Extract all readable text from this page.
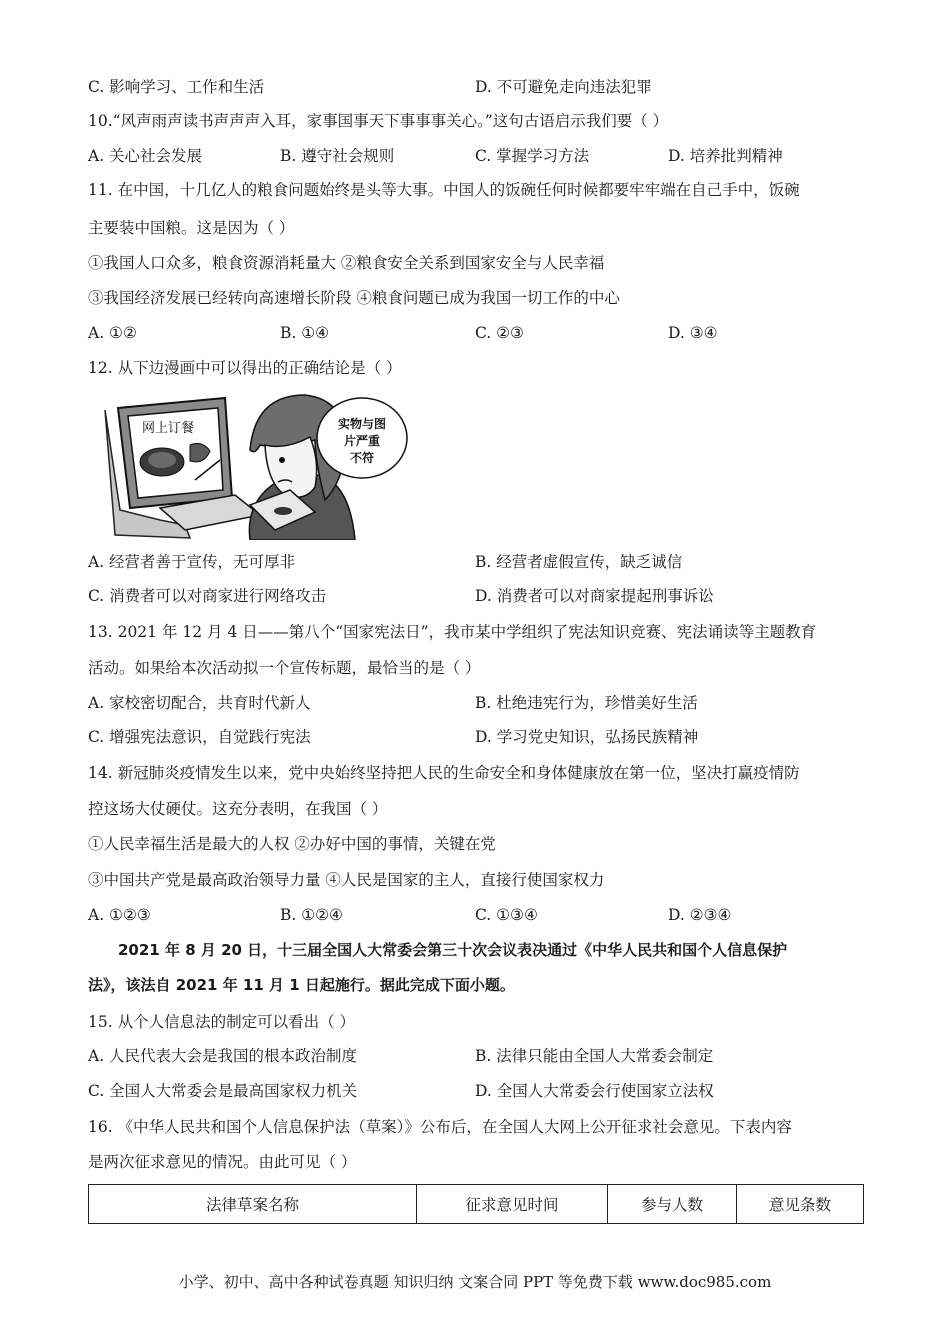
C. 影响学习、工作和生活	D. 不可避免走向违法犯罪
10.“风声雨声读书声声声入耳，家事国事天下事事事关心。”这句古语启示我们要（ ）
A. 关心社会发展	B. 遵守社会规则	C. 掌握学习方法	D. 培养批判精神
11. 在中国，十几亿人的粮食问题始终是头等大事。中国人的饭碗任何时候都要牢牢端在自己手中，饭碗
主要装中国粮。这是因为（ ）
①我国人口众多，粮食资源消耗量大 ②粮食安全关系到国家安全与人民幸福
③我国经济发展已经转向高速增长阶段 ④粮食问题已成为我国一切工作的中心
A. ①②	B. ①④	C. ②③	D. ③④
12. 从下边漫画中可以得出的正确结论是（ ）
网上订餐	实物与图
片严重
不符
A. 经营者善于宣传，无可厚非	B. 经营者虚假宣传，缺乏诚信
C. 消费者可以对商家进行网络攻击	D. 消费者可以对商家提起刑事诉讼
13. 2021 年 12 月 4 日——第八个“国家宪法日”，我市某中学组织了宪法知识竞赛、宪法诵读等主题教育
活动。如果给本次活动拟一个宣传标题，最恰当的是（ ）
A. 家校密切配合，共育时代新人	B. 杜绝违宪行为，珍惜美好生活
C. 增强宪法意识，自觉践行宪法	D. 学习党史知识，弘扬民族精神
14. 新冠肺炎疫情发生以来，党中央始终坚持把人民的生命安全和身体健康放在第一位，坚决打赢疫情防
控这场大仗硬仗。这充分表明，在我国（ ）
①人民幸福生活是最大的人权 ②办好中国的事情，关键在党
③中国共产党是最高政治领导力量 ④人民是国家的主人，直接行使国家权力
A. ①②③	B. ①②④	C. ①③④	D. ②③④
2021 年 8 月 20 日，十三届全国人大常委会第三十次会议表决通过《中华人民共和国个人信息保护
法》，该法自 2021 年 11 月 1 日起施行。据此完成下面小题。
15. 从个人信息法的制定可以看出（ ）
A. 人民代表大会是我国的根本政治制度	B. 法律只能由全国人大常委会制定
C. 全国人大常委会是最高国家权力机关	D. 全国人大常委会行使国家立法权
16. 《中华人民共和国个人信息保护法（草案）》公布后，在全国人大网上公开征求社会意见。下表内容
是两次征求意见的情况。由此可见（ ）
法律草案名称	征求意见时间	参与人数	意见条数
小学、初中、高中各种试卷真题 知识归纳 文案合同 PPT 等免费下载 www.doc985.com
